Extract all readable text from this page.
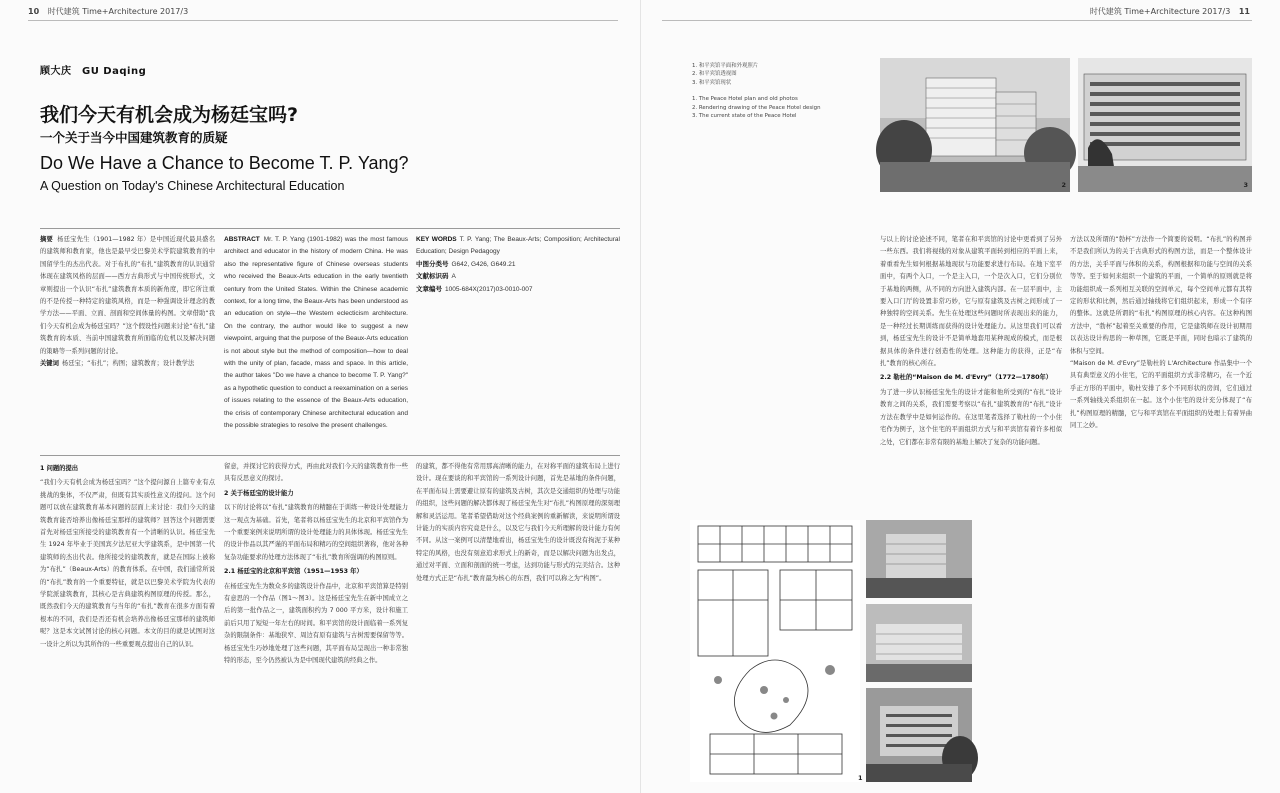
10 时代建筑 Time+Architecture 2017/3	时代建筑 Time+Architecture 2017/3 11
顾大庆　GU Daqing
我们今天有机会成为杨廷宝吗?
一个关于当今中国建筑教育的质疑
Do We Have a Chance to Become T. P. Yang?
A Question on Today's Chinese Architectural Education
摘要 杨廷宝先生（1901—1982 年）是中国近现代最具盛名的建筑师和教育家，他也是最早受巴黎美术学院建筑教育的中国留学生的杰出代表。对于布扎的“布扎”建筑教育的认识通常体现在建筑风格的层面——西方古典形式与中国传统形式，文章则提出一个认识“布扎”建筑教育本质的新角度，即它所注重的不是传授一种特定的建筑风格，而是一种强调设计理念的教学方法——平面、立面、剖面和空间体量的构图。文章借助“我们今天有机会成为杨廷宝吗？”这个假设性问题来讨论“布扎”建筑教育的本质、当前中国建筑教育所面临的危机以及解决问题的策略等一系列问题的讨论。
关键词 杨廷宝；“布扎”；构图；建筑教育；设计教学法
ABSTRACT Mr. T. P. Yang (1901-1982) was the most famous architect and educator in the history of modern China. He was also the representative figure of Chinese overseas students who received the Beaux-Arts education in the early twentieth century from the United States. Within the Chinese academic context, for a long time, the Beaux-Arts has been understood as an education on style—the Western eclecticism architecture. On the contrary, the author would like to suggest a new viewpoint, arguing that the purpose of the Beaux-Arts education is not about style but the method of composition—how to deal with the unity of plan, facade, mass and space. In this article, the author takes "Do we have a chance to become T. P. Yang?" as a hypothetic question to conduct a reexamination on a series of issues relating to the essence of the Beaux-Arts education, the crisis of contemporary Chinese architectural education and the possible strategies to resolve the present challenges.
KEY WORDS T. P. Yang; The Beaux-Arts; Composition; Architectural Education; Design Pedagogy

中图分类号 G642, G426, G649.21
文献标识码 A
文章编号 1005-684X(2017)03-0010-007
1 问题的提出
“我们今天有机会成为杨廷宝吗？”这个提问源自上篇专业有点挑战的集体，不仅严肃，但既有其实质性意义的提问。这个问题可以放在建筑教育基本问题的层面上来讨论：我们今天的建筑教育能否培养出像杨廷宝那样的建筑师？回答这个问题需要首先对杨廷宝所接受的建筑教育有一个清晰的认识。杨廷宝先生 1924 年毕业于美国宾夕法尼亚大学建筑系，是中国第一代建筑师的杰出代表。他所接受的建筑教育，就是在国际上被称为“布扎”（Beaux-Arts）的教育体系。在中国，我们通常所说的“布扎”教育的一个重要特征，就是以巴黎美术学院为代表的学院派建筑教育，其核心是古典建筑构图原理的传授。那么，既然我们今天的建筑教育与当年的“布扎”教育在很多方面有着根本的不同，我们是否还有机会培养出像杨廷宝那样的建筑师呢？这是本文试图讨论的核心问题。本文的目的就是试图对这一设计之所以为其所作的一些重要观点提出自己的认识。
留意，并探讨它的获得方式，再由此对我们今天的建筑教育作一些具有反思意义的探讨。
2 关于杨廷宝的设计能力
以下的讨论将以“布扎”建筑教育的精髓在于训练一种设计处理能力这一观点为基础。首先，笔者将以杨廷宝先生的北京和平宾馆作为一个重要案例来说明所谓的设计处理能力的具体体现。杨廷宝先生的设计作品以其严谨的平面布局和精巧的空间组织著称，他对各种复杂功能要求的处理方法体现了“布扎”教育所强调的构图原则。
2.1 杨廷宝的北京和平宾馆（1951—1953 年）
在杨廷宝先生为数众多的建筑设计作品中，北京和平宾馆算是特别有意思的一个作品（图1～图3）。这是杨廷宝先生在新中国成立之后的第一批作品之一，建筑面积约为 7 000 平方米，设计和施工前后只用了短短一年左右的时间。和平宾馆的设计面临着一系列复杂的限制条件：基地狭窄、周边有原有建筑与古树需要保留等等。杨廷宝先生巧妙地处理了这些问题，其平面布局呈现出一种非常独特的形态，至今仍然被认为是中国现代建筑的经典之作。
的建筑，都不得他有常用那高清晰的能力，在对称平面的建筑布局上进行设计。现在要谈的和平宾馆的一系列设计问题，首先是基地的条件问题，在平面布局上需要避让原有的建筑及古树，其次是交通组织的处理与功能的组织，这些问题的解决都体现了杨廷宝先生对“布扎”构图原理的深刻理解和灵活运用。笔者希望借助对这个经典案例的重新解读，来说明所谓设计能力的实质内容究竟是什么，以及它与我们今天所理解的设计能力有何不同。从这一案例可以清楚地看出，杨廷宝先生的设计既没有拘泥于某种特定的风格，也没有刻意追求形式上的新奇，而是以解决问题为出发点，通过对平面、立面和剖面的统一考虑，达到功能与形式的完美结合。这种处理方式正是“布扎”教育最为核心的东西，我们可以称之为“构图”。
1. 和平宾馆平面和外观照片
2. 和平宾馆透视图
3. 和平宾馆现状
1. The Peace Hotel plan and old photos
2. Rendering drawing of the Peace Hotel design
3. The current state of the Peace Hotel
2	3
1
与以上的讨论论述不同，笔者在和平宾馆的讨论中更看到了另外一些东西。我们将视线的对象从建筑平面转到相应的平面上来，着重看先生如何根据基地现状与功能要求进行布局。在地下室平面中，有两个入口，一个是主入口，一个是次入口，它们分别位于基地的两侧，从不同的方向进入建筑内部。在一层平面中，主要入口门厅的设置非常巧妙，它与原有建筑及古树之间形成了一种独特的空间关系。先生在处理这些问题时所表现出来的能力，是一种经过长期训练而获得的设计处理能力。从这里我们可以看到，杨廷宝先生的设计不是简单地套用某种现成的模式，而是根据具体的条件进行创造性的处理。这种能力的获得，正是“布扎”教育的核心所在。
2.2 勒杜的“Maison de M. d'Evry”（1772—1780年）
为了进一步认识杨廷宝先生的设计才能和他所受到的“布扎”设计教育之间的关系，我们需要考察以“布扎”建筑教育的“布扎”设计方法在教学中是如何运作的。在这里笔者选择了勒杜的一个小住宅作为例子，这个住宅的平面组织方式与和平宾馆有着许多相似之处，它们都在非常有限的基地上解决了复杂的功能问题。
方法以及所谓的“勃杯”方法作一个简要的说明。“布扎”的构图并不是我们所认为的关于古典形式的构图方法，而是一个整体设计的方法，关乎平面与体积的关系，构图根据和功能与空间的关系等等。至于如何来组织一个建筑的平面，一个简单的原则就是将功能组织成一系列相互关联的空间单元，每个空间单元都有其特定的形状和比例，然后通过轴线将它们组织起来，形成一个有序的整体。这就是所谓的“布扎”构图原理的核心内容。在这种构图方法中，“勃杯”起着至关重要的作用，它是建筑师在设计初期用以表达设计构思的一种草图，它既是平面，同时也暗示了建筑的体积与空间。
“Maison de M. d'Evry”是勒杜的 L'Architecture 作品集中一个具有典型意义的小住宅，它的平面组织方式非常精巧，在一个近乎正方形的平面中，勒杜安排了多个不同形状的房间，它们通过一系列轴线关系组织在一起。这个小住宅的设计充分体现了“布扎”构图原理的精髓，它与和平宾馆在平面组织的处理上有着异曲同工之妙。
